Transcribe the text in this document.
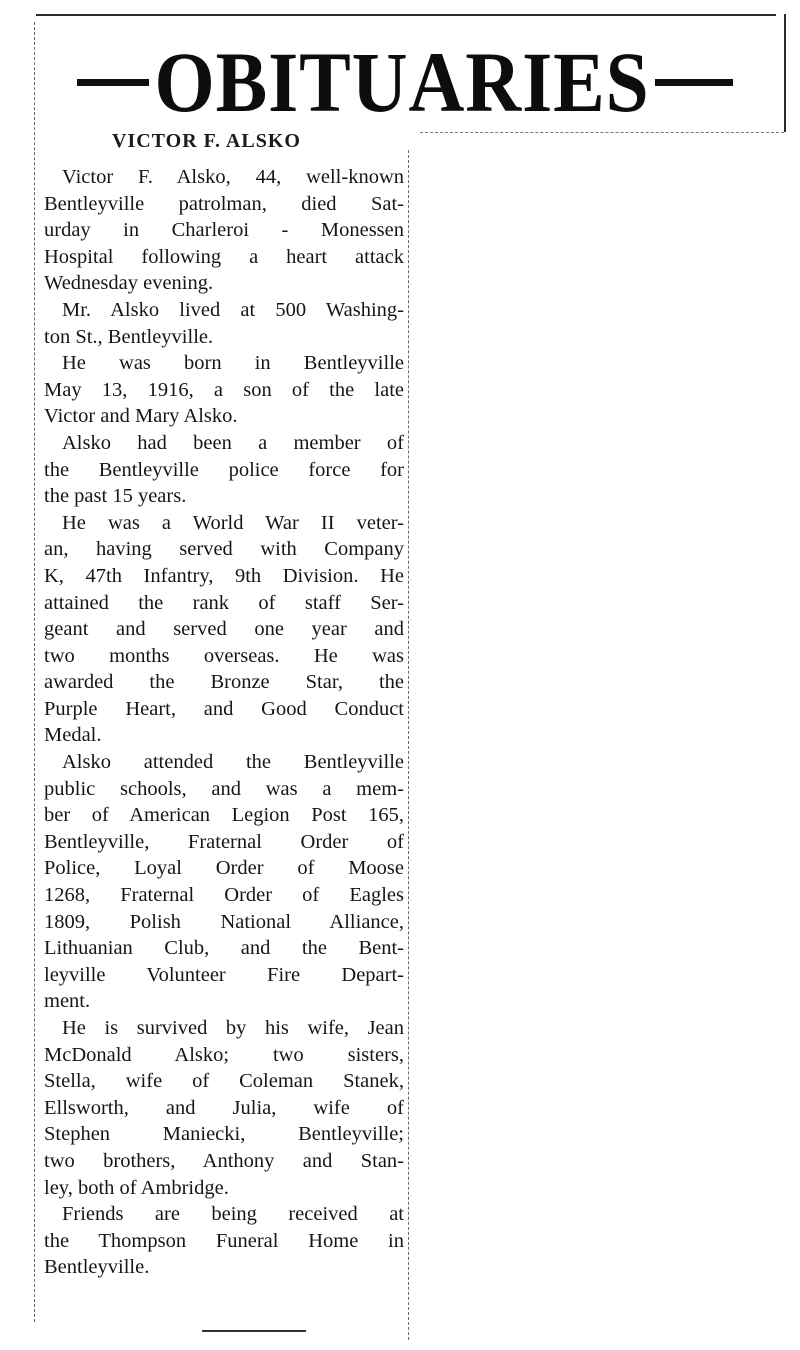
OBITUARIES
VICTOR F. ALSKO

Victor F. Alsko, 44, well-known
Bentleyville patrolman, died Sat-
urday in Charleroi - Monessen
Hospital following a heart attack
Wednesday evening.

Mr. Alsko lived at 500 Washing-
ton St., Bentleyville.

He was born in Bentleyville
May 13, 1916, a son of the late
Victor and Mary Alsko.

Alsko had been a member of
the Bentleyville police force for
the past 15 years.

He was a World War II veter-
an, having served with Company
K, 47th Infantry, 9th Division. He
attained the rank of staff Ser-
geant and served one year and
two months overseas. He was
awarded the Bronze Star, the
Purple Heart, and Good Conduct
Medal.

Alsko attended the Bentleyville
public schools, and was a mem-
ber of American Legion Post 165,
Bentleyville, Fraternal Order of
Police, Loyal Order of Moose
1268, Fraternal Order of Eagles
1809, Polish National Alliance,
Lithuanian Club, and the Bent-
leyville Volunteer Fire Depart-
ment.

He is survived by his wife, Jean
McDonald Alsko; two sisters,
Stella, wife of Coleman Stanek,
Ellsworth, and Julia, wife of
Stephen Maniecki, Bentleyville;
two brothers, Anthony and Stan-
ley, both of Ambridge.

Friends are being received at
the Thompson Funeral Home in
Bentleyville.
